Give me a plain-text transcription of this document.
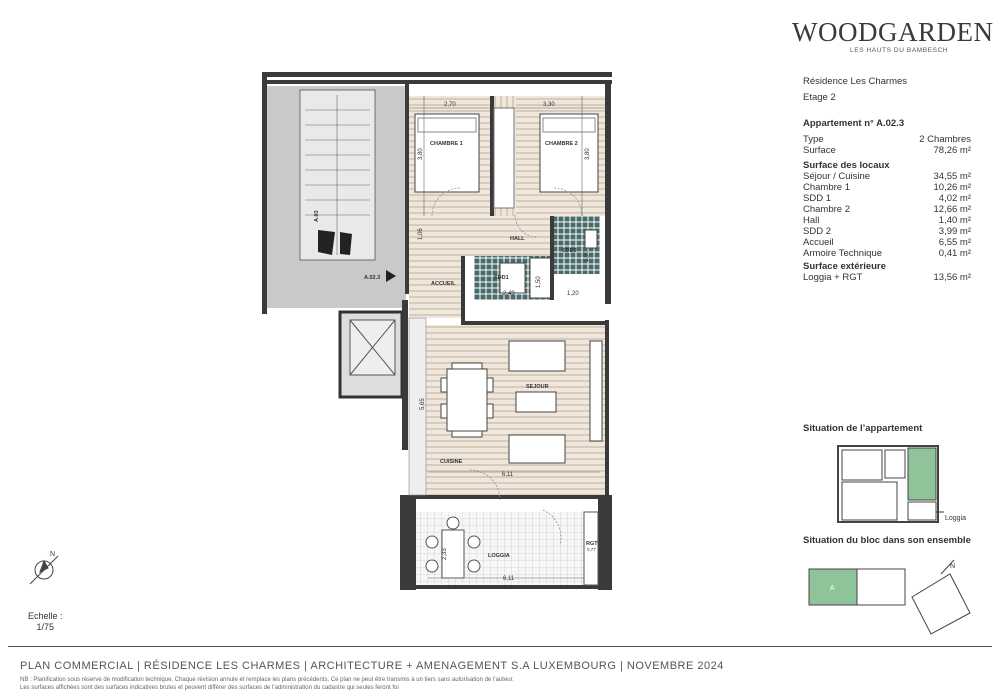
CHAMBRE 1	CHAMBRE 2
HALL
SDD1
SDD2
ACCUEIL
SEJOUR
CUISINE
LOGGIA
RGT
0,77
A.02.3
A.03
2,70	3,30
3,80	3,80
1,06
2,49
1,80
1,20
1,50
5,65
6,11
6,11
2,33
N
Loggia
A
N
WOODGARDEN
LES HAUTS DU BAMBESCH
Résidence Les Charmes
Etage 2
Appartement n° A.02.3
Type	2 Chambres
Surface	78,26 m²
Surface des locaux
Séjour / Cuisine	34,55 m²
Chambre 1	10,26 m²
SDD 1	4,02 m²
Chambre 2	12,66 m²
Hall	1,40 m²
SDD 2	3,99 m²
Accueil	6,55 m²
Armoire Technique	0,41 m²
Surface extérieure
Loggia + RGT	13,56 m²
Situation de l’appartement
Situation du bloc dans son ensemble
Echelle :
1/75
PLAN COMMERCIAL | RÉSIDENCE LES CHARMES | ARCHITECTURE + AMENAGEMENT S.A LUXEMBOURG | NOVEMBRE 2024
NB : Planification sous réserve de modification technique. Chaque révision annule et remplace les plans précédents. Ce plan ne peut être transmis à un tiers sans autorisation de l’auteur.
Les surfaces affichées sont des surfaces indicatives brutes et peuvent différer des surfaces de l’administration du cadastre qui seules feront foi
